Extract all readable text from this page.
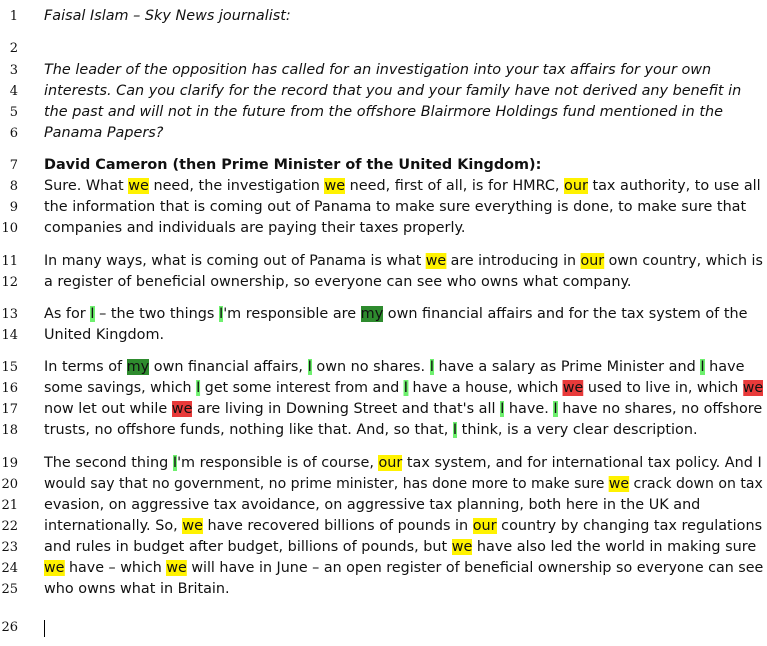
1 Faisal Islam – Sky News journalist:
2
3 The leader of the opposition has called for an investigation into your tax affairs for your own
4 interests. Can you clarify for the record that you and your family have not derived any benefit in
5 the past and will not in the future from the offshore Blairmore Holdings fund mentioned in the
6 Panama Papers?
7 David Cameron (then Prime Minister of the United Kingdom):
8 Sure. What we need, the investigation we need, first of all, is for HMRC, our tax authority, to use all
9 the information that is coming out of Panama to make sure everything is done, to make sure that
10 companies and individuals are paying their taxes properly.
11 In many ways, what is coming out of Panama is what we are introducing in our own country, which is
12 a register of beneficial ownership, so everyone can see who owns what company.
13 As for I – the two things I'm responsible are my own financial affairs and for the tax system of the
14 United Kingdom.
15 In terms of my own financial affairs, I own no shares. I have a salary as Prime Minister and I have
16 some savings, which I get some interest from and I have a house, which we used to live in, which we
17 now let out while we are living in Downing Street and that's all I have. I have no shares, no offshore
18 trusts, no offshore funds, nothing like that. And, so that, I think, is a very clear description.
19 The second thing I'm responsible is of course, our tax system, and for international tax policy. And I
20 would say that no government, no prime minister, has done more to make sure we crack down on tax
21 evasion, on aggressive tax avoidance, on aggressive tax planning, both here in the UK and
22 internationally. So, we have recovered billions of pounds in our country by changing tax regulations
23 and rules in budget after budget, billions of pounds, but we have also led the world in making sure
24 we have – which we will have in June – an open register of beneficial ownership so everyone can see
25 who owns what in Britain.
26
